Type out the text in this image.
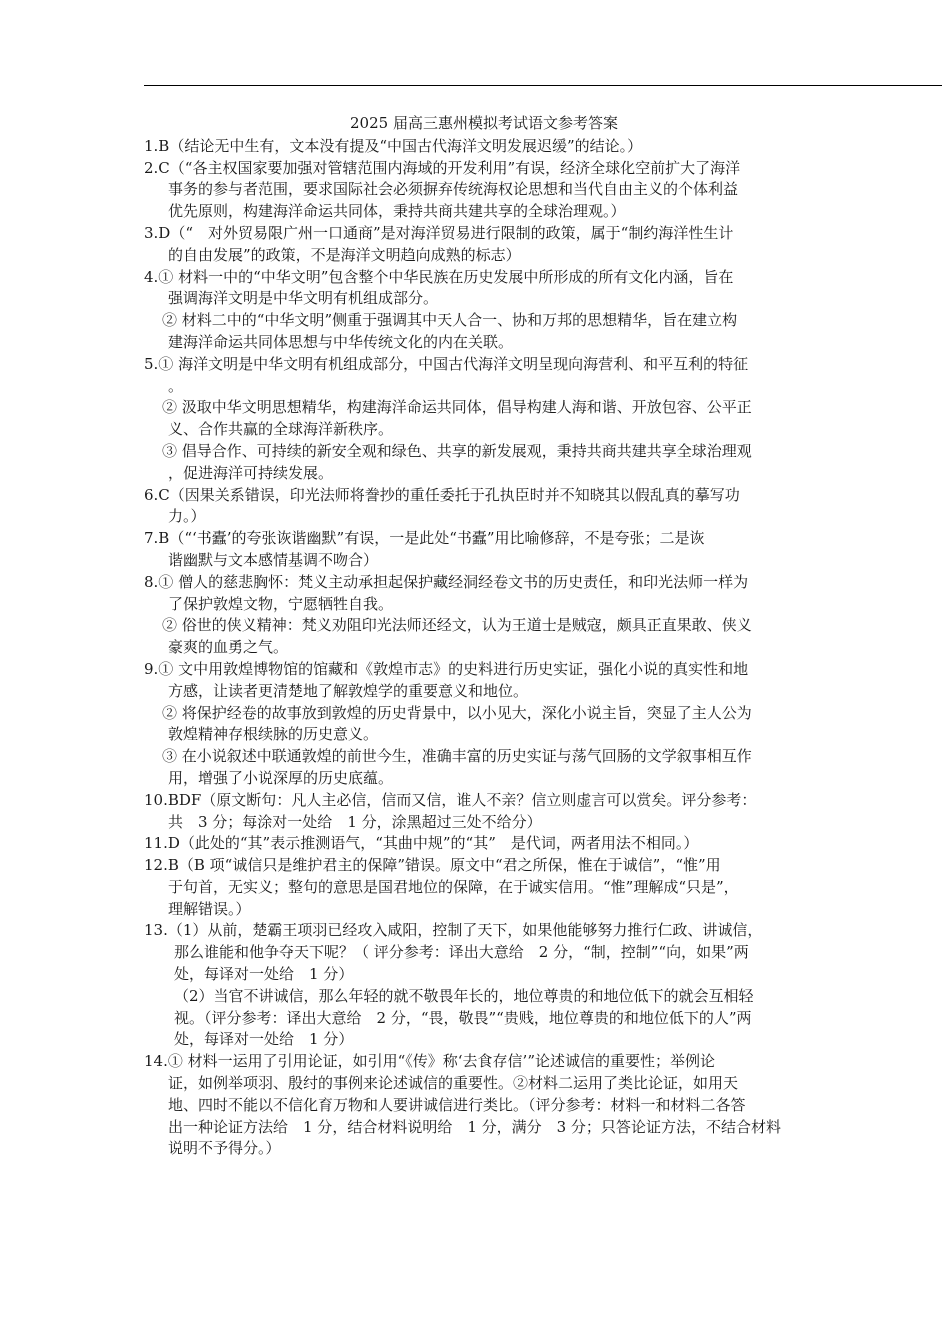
2025 届高三惠州模拟考试语文参考答案
1.B（结论无中生有，文本没有提及“中国古代海洋文明发展迟缓”的结论。）
2.C（“各主权国家要加强对管辖范围内海域的开发利用”有误，经济全球化空前扩大了海洋
事务的参与者范围，要求国际社会必须摒弃传统海权论思想和当代自由主义的个体利益
优先原则，构建海洋命运共同体，秉持共商共建共享的全球治理观。）
3.D（“　对外贸易限广州一口通商”是对海洋贸易进行限制的政策，属于“制约海洋性生计
的自由发展”的政策，不是海洋文明趋向成熟的标志）
4.① 材料一中的“中华文明”包含整个中华民族在历史发展中所形成的所有文化内涵，旨在
强调海洋文明是中华文明有机组成部分。
② 材料二中的“中华文明”侧重于强调其中天人合一、协和万邦的思想精华，旨在建立构
建海洋命运共同体思想与中华传统文化的内在关联。
5.① 海洋文明是中华文明有机组成部分，中国古代海洋文明呈现向海营利、和平互利的特征
。
② 汲取中华文明思想精华，构建海洋命运共同体，倡导构建人海和谐、开放包容、公平正
义、合作共赢的全球海洋新秩序。
③ 倡导合作、可持续的新安全观和绿色、共享的新发展观，秉持共商共建共享全球治理观
，促进海洋可持续发展。
6.C（因果关系错误，印光法师将誊抄的重任委托于孔执臣时并不知晓其以假乱真的摹写功
力。）
7.B（“‘书蠹’的夸张诙谐幽默”有误，一是此处“书蠹”用比喻修辞，不是夸张；二是诙
谐幽默与文本感情基调不吻合）
8.① 僧人的慈悲胸怀：梵义主动承担起保护藏经洞经卷文书的历史责任，和印光法师一样为
了保护敦煌文物，宁愿牺牲自我。
② 俗世的侠义精神：梵义劝阻印光法师还经文，认为王道士是贼寇，颇具正直果敢、侠义
豪爽的血勇之气。
9.① 文中用敦煌博物馆的馆藏和《敦煌市志》的史料进行历史实证，强化小说的真实性和地
方感，让读者更清楚地了解敦煌学的重要意义和地位。
② 将保护经卷的故事放到敦煌的历史背景中，以小见大，深化小说主旨，突显了主人公为
敦煌精神存根续脉的历史意义。
③ 在小说叙述中联通敦煌的前世今生，准确丰富的历史实证与荡气回肠的文学叙事相互作
用，增强了小说深厚的历史底蕴。
10.BDF（原文断句：凡人主必信，信而又信，谁人不亲？信立则虚言可以赏矣。评分参考：
共　3 分；每涂对一处给　1 分，涂黑超过三处不给分）
11.D（此处的“其”表示推测语气，“其曲中规”的“其”　是代词，两者用法不相同。）
12.B（B 项“诚信只是维护君主的保障”错误。原文中“君之所保，惟在于诚信”，“惟”用
于句首，无实义；整句的意思是国君地位的保障，在于诚实信用。“惟”理解成“只是”，
理解错误。）
13.（1）从前，楚霸王项羽已经攻入咸阳，控制了天下，如果他能够努力推行仁政、讲诚信，
那么谁能和他争夺天下呢？（ 评分参考：译出大意给　2 分，“制，控制”“向，如果”两
处，每译对一处给　1 分）
（2）当官不讲诚信，那么年轻的就不敬畏年长的，地位尊贵的和地位低下的就会互相轻
视。（评分参考：译出大意给　2 分，“畏，敬畏”“贵贱，地位尊贵的和地位低下的人”两
处，每译对一处给　1 分）
14.① 材料一运用了引用论证，如引用“《传》称‘去食存信’”论述诚信的重要性；举例论
证，如例举项羽、殷纣的事例来论述诚信的重要性。②材料二运用了类比论证，如用天
地、四时不能以不信化育万物和人要讲诚信进行类比。（评分参考：材料一和材料二各答
出一种论证方法给　1 分，结合材料说明给　1 分，满分　3 分；只答论证方法，不结合材料
说明不予得分。）
